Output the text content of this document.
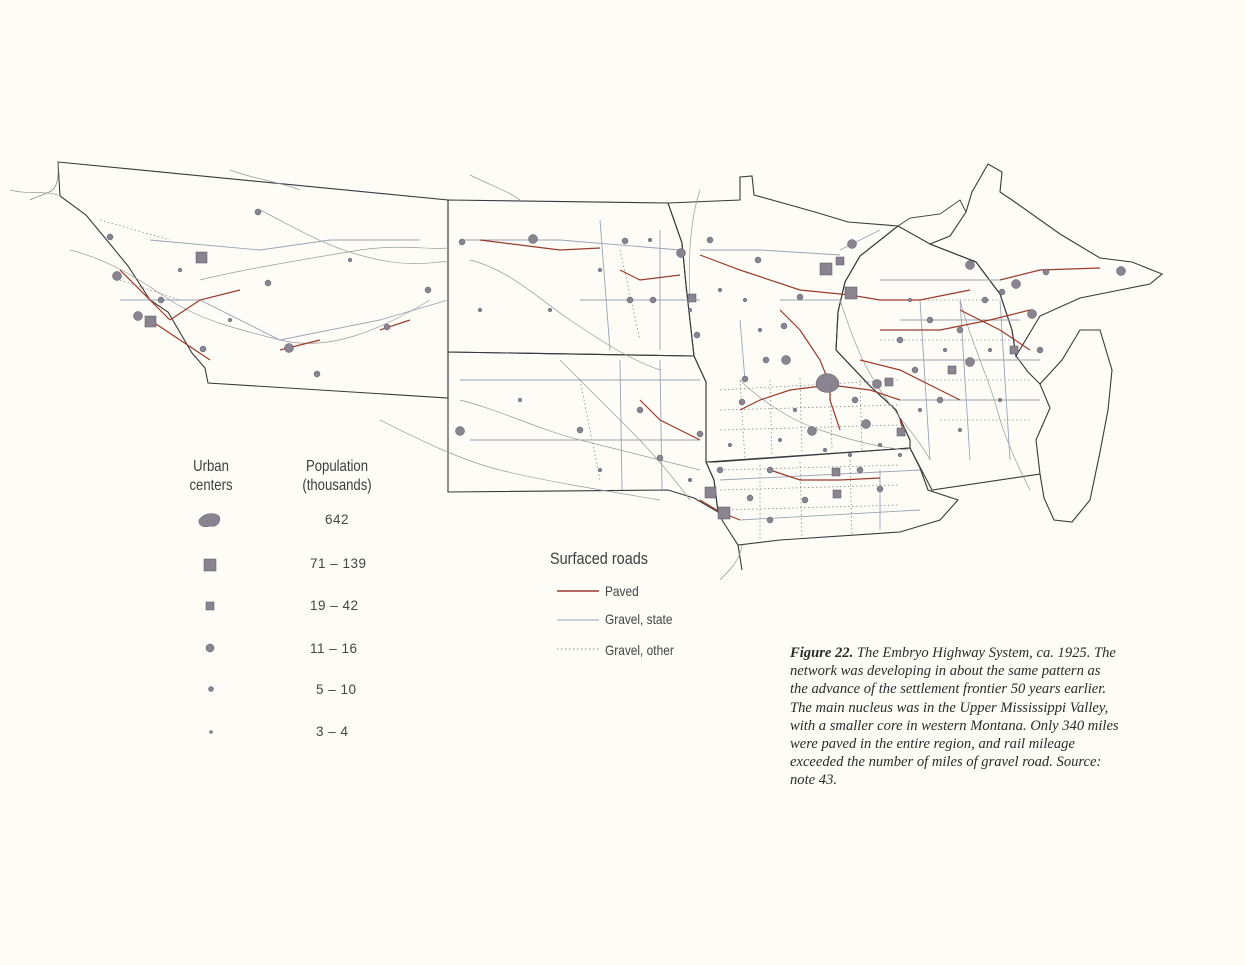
Urban
centers
Population
(thousands)
642
71 – 139
19 – 42
11 – 16
5 – 10
3 – 4
Surfaced roads
Paved
Gravel, state
Gravel, other	Figure 22. The Embryo Highway System, ca. 1925. The network was developing in about the same pattern as the advance of the settlement frontier 50 years earlier. The main nucleus was in the Upper Mississippi Valley, with a smaller core in western Montana. Only 340 miles were paved in the entire region, and rail mileage exceeded the number of miles of gravel road. Source: note 43.
